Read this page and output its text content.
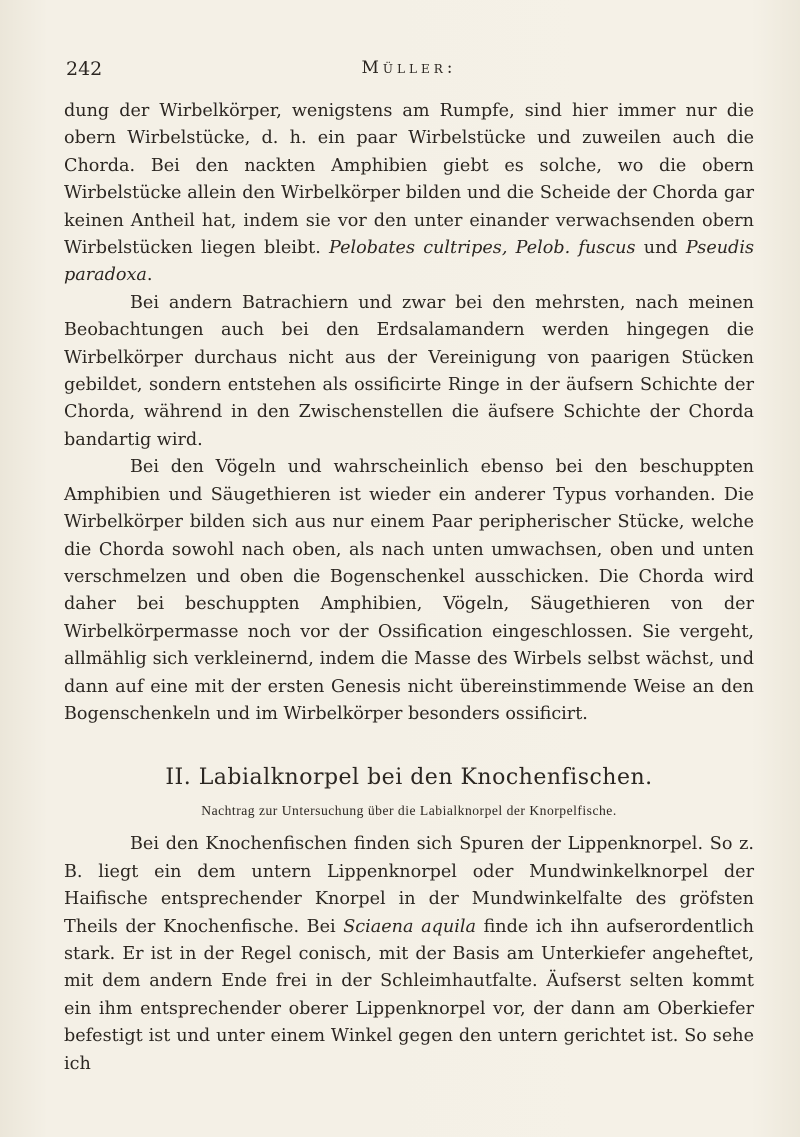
242	Müller:

dung der Wirbelkörper, wenigstens am Rumpfe, sind hier immer nur die obern Wirbelstücke, d. h. ein paar Wirbelstücke und zuweilen auch die Chorda. Bei den nackten Amphibien giebt es solche, wo die obern Wirbelstücke allein den Wirbelkörper bilden und die Scheide der Chorda gar keinen Antheil hat, indem sie vor den unter einander verwachsenden obern Wirbelstücken liegen bleibt. Pelobates cultripes, Pelob. fuscus und Pseudis paradoxa.

Bei andern Batrachiern und zwar bei den mehrsten, nach meinen Beobachtungen auch bei den Erdsalamandern werden hingegen die Wirbelkörper durchaus nicht aus der Vereinigung von paarigen Stücken gebildet, sondern entstehen als ossificirte Ringe in der äufsern Schichte der Chorda, während in den Zwischenstellen die äufsere Schichte der Chorda bandartig wird.

Bei den Vögeln und wahrscheinlich ebenso bei den beschuppten Amphibien und Säugethieren ist wieder ein anderer Typus vorhanden. Die Wirbelkörper bilden sich aus nur einem Paar peripherischer Stücke, welche die Chorda sowohl nach oben, als nach unten umwachsen, oben und unten verschmelzen und oben die Bogenschenkel ausschicken. Die Chorda wird daher bei beschuppten Amphibien, Vögeln, Säugethieren von der Wirbelkörpermasse noch vor der Ossification eingeschlossen. Sie vergeht, allmählig sich verkleinernd, indem die Masse des Wirbels selbst wächst, und dann auf eine mit der ersten Genesis nicht übereinstimmende Weise an den Bogenschenkeln und im Wirbelkörper besonders ossificirt.

II. Labialknorpel bei den Knochenfischen.
Nachtrag zur Untersuchung über die Labialknorpel der Knorpelfische.

Bei den Knochenfischen finden sich Spuren der Lippenknorpel. So z. B. liegt ein dem untern Lippenknorpel oder Mundwinkelknorpel der Haifische entsprechender Knorpel in der Mundwinkelfalte des gröfsten Theils der Knochenfische. Bei Sciaena aquila finde ich ihn aufserordentlich stark. Er ist in der Regel conisch, mit der Basis am Unterkiefer angeheftet, mit dem andern Ende frei in der Schleimhautfalte. Äufserst selten kommt ein ihm entsprechender oberer Lippenknorpel vor, der dann am Oberkiefer befestigt ist und unter einem Winkel gegen den untern gerichtet ist. So sehe ich
